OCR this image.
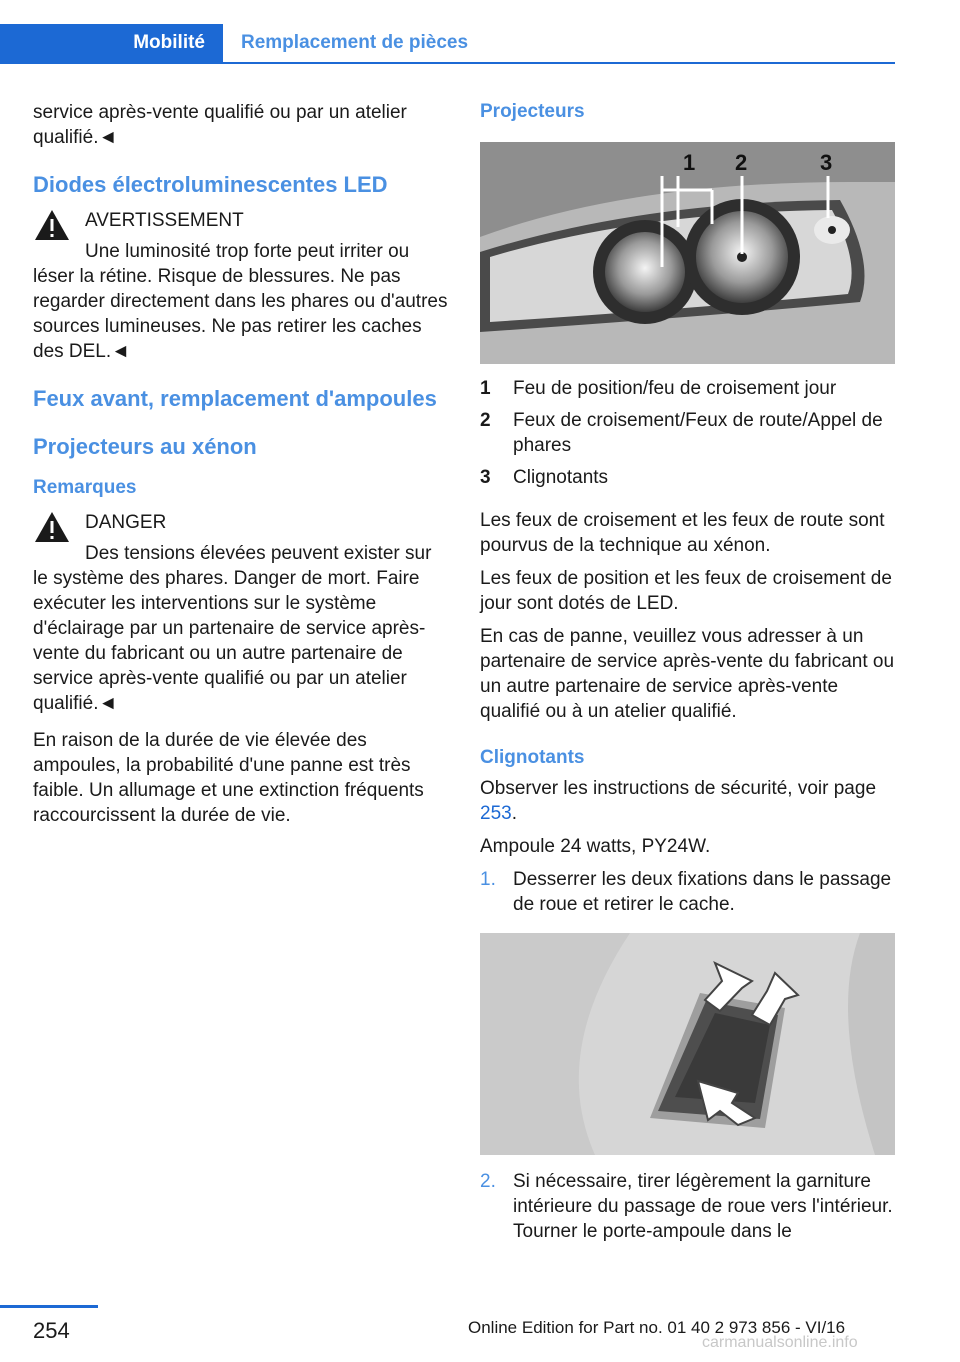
Mobilité	Remplacement de pièces

service après-vente qualifié ou par un atelier qualifié.◄

Diodes électroluminescentes LED
AVERTISSEMENT
Une luminosité trop forte peut irriter ou léser la rétine. Risque de blessures. Ne pas regarder directement dans les phares ou d'autres sources lumineuses. Ne pas retirer les caches des DEL.◄
Feux avant, remplacement d'ampoules
Projecteurs au xénon
Remarques
DANGER
Des tensions élevées peuvent exister sur le système des phares. Danger de mort. Faire exécuter les interventions sur le système d'éclairage par un partenaire de service après-vente du fabricant ou un autre partenaire de service après-vente qualifié ou par un atelier qualifié.◄

En raison de la durée de vie élevée des ampoules, la probabilité d'une panne est très faible. Un allumage et une extinction fréquents raccourcissent la durée de vie.

Projecteurs
1 2	3
1	Feu de position/feu de croisement jour
2	Feux de croisement/Feux de route/Appel de phares
3	Clignotants

Les feux de croisement et les feux de route sont pourvus de la technique au xénon.

Les feux de position et les feux de croisement de jour sont dotés de LED.

En cas de panne, veuillez vous adresser à un partenaire de service après-vente du fabricant ou un autre partenaire de service après-vente qualifié ou à un atelier qualifié.

Clignotants

Observer les instructions de sécurité, voir page 253.

Ampoule 24 watts, PY24W.

1. Desserrer les deux fixations dans le passage de roue et retirer le cache.
2. Si nécessaire, tirer légèrement la garniture intérieure du passage de roue vers l'intérieur. Tourner le porte-ampoule dans le
254	Online Edition for Part no. 01 40 2 973 856 - VI/16
carmanualsonline.info
